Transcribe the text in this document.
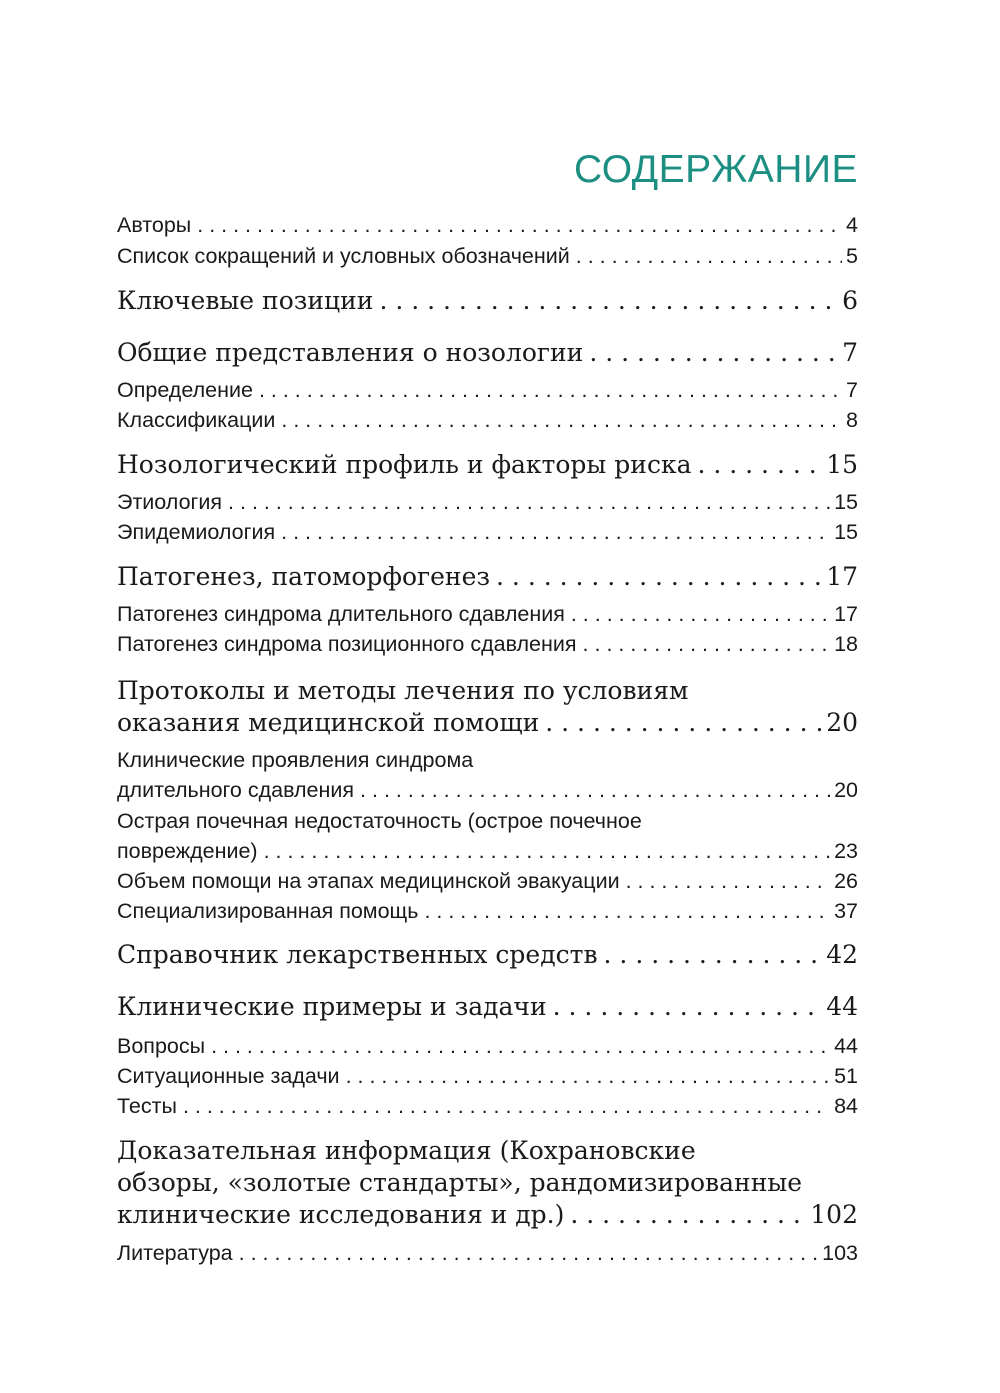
СОДЕРЖАНИЕ
Авторы . . .	4
Список сокращений и условных обозначений . . .	5
Ключевые позиции . . .	6
Общие представления о нозологии . . .	7
Определение . . .	7
Классификации . . .	8
Нозологический профиль и факторы риска . . .	15
Этиология . . .	15
Эпидемиология . . .	15
Патогенез, патоморфогенез . . .	17
Патогенез синдрома длительного сдавления . . .	17
Патогенез синдрома позиционного сдавления . . .	18
Протоколы и методы лечения по условиям
оказания медицинской помощи . . .	20
Клинические проявления синдрома
длительного сдавления . . .	20
Острая почечная недостаточность (острое почечное
повреждение) . . .	23
Объем помощи на этапах медицинской эвакуации . . .	26
Специализированная помощь . . .	37
Справочник лекарственных средств . . .	42
Клинические примеры и задачи . . .	44
Вопросы . . .	44
Ситуационные задачи . . .	51
Тесты . . .	84
Доказательная информация (Кохрановские
обзоры, «золотые стандарты», рандомизированные
клинические исследования и др.) . . .	102
Литература . . .	103
